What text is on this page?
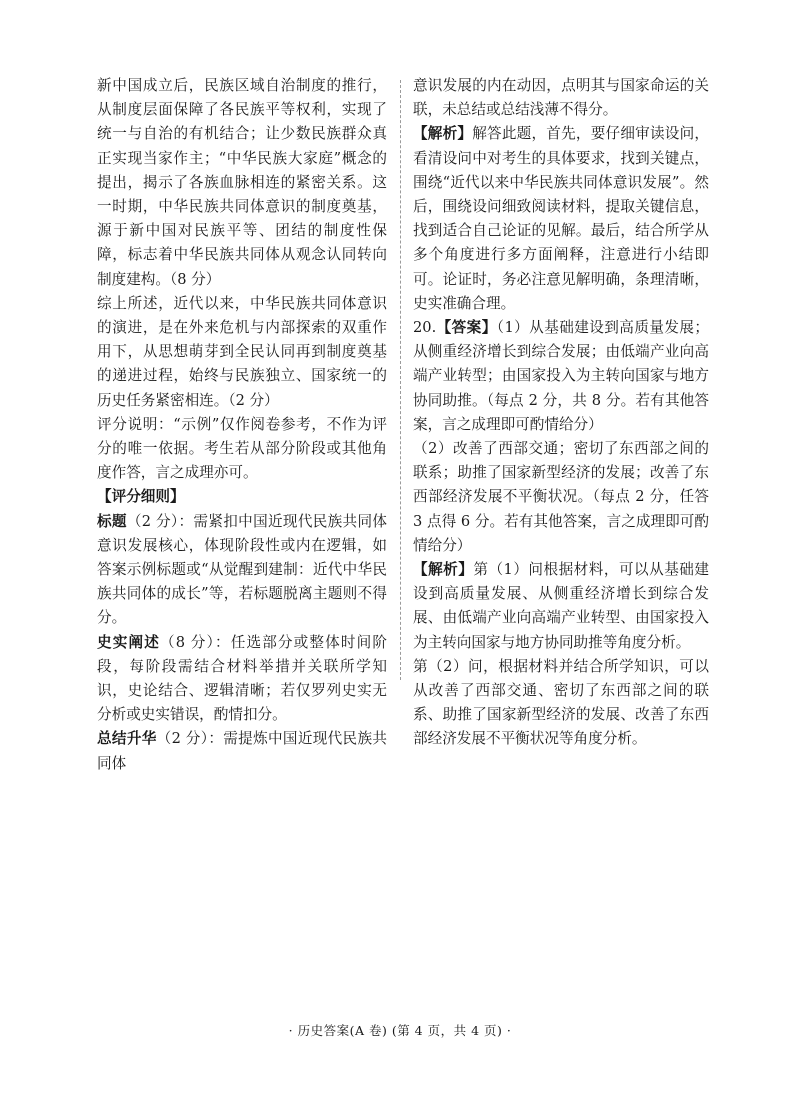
新中国成立后，民族区域自治制度的推行，从制度层面保障了各民族平等权利，实现了统一与自治的有机结合；让少数民族群众真正实现当家作主；“中华民族大家庭”概念的提出，揭示了各族血脉相连的紧密关系。这一时期，中华民族共同体意识的制度奠基，源于新中国对民族平等、团结的制度性保障，标志着中华民族共同体从观念认同转向制度建构。（8 分）

综上所述，近代以来，中华民族共同体意识的演进，是在外来危机与内部探索的双重作用下，从思想萌芽到全民认同再到制度奠基的递进过程，始终与民族独立、国家统一的历史任务紧密相连。（2 分）

评分说明：“示例”仅作阅卷参考，不作为评分的唯一依据。考生若从部分阶段或其他角度作答，言之成理亦可。

【评分细则】

标题（2 分）：需紧扣中国近现代民族共同体意识发展核心，体现阶段性或内在逻辑，如答案示例标题或“从觉醒到建制：近代中华民族共同体的成长”等，若标题脱离主题则不得分。

史实阐述（8 分）：任选部分或整体时间阶段，每阶段需结合材料举措并关联所学知识，史论结合、逻辑清晰；若仅罗列史实无分析或史实错误，酌情扣分。

总结升华（2 分）：需提炼中国近现代民族共同体

意识发展的内在动因，点明其与国家命运的关联，未总结或总结浅薄不得分。

【解析】解答此题，首先，要仔细审读设问，看清设问中对考生的具体要求，找到关键点，围绕“近代以来中华民族共同体意识发展”。然后，围绕设问细致阅读材料，提取关键信息，找到适合自己论证的见解。最后，结合所学从多个角度进行多方面阐释，注意进行小结即可。论证时，务必注意见解明确，条理清晰，史实准确合理。

20.【答案】（1）从基础建设到高质量发展；从侧重经济增长到综合发展；由低端产业向高端产业转型；由国家投入为主转向国家与地方协同助推。（每点 2 分，共 8 分。若有其他答案，言之成理即可酌情给分）

（2）改善了西部交通；密切了东西部之间的联系；助推了国家新型经济的发展；改善了东西部经济发展不平衡状况。（每点 2 分，任答 3 点得 6 分。若有其他答案，言之成理即可酌情给分）

【解析】第（1）问根据材料，可以从基础建设到高质量发展、从侧重经济增长到综合发展、由低端产业向高端产业转型、由国家投入为主转向国家与地方协同助推等角度分析。

第（2）问，根据材料并结合所学知识，可以从改善了西部交通、密切了东西部之间的联系、助推了国家新型经济的发展、改善了东西部经济发展不平衡状况等角度分析。

· 历史答案(A 卷) (第 4 页，共 4 页) ·
